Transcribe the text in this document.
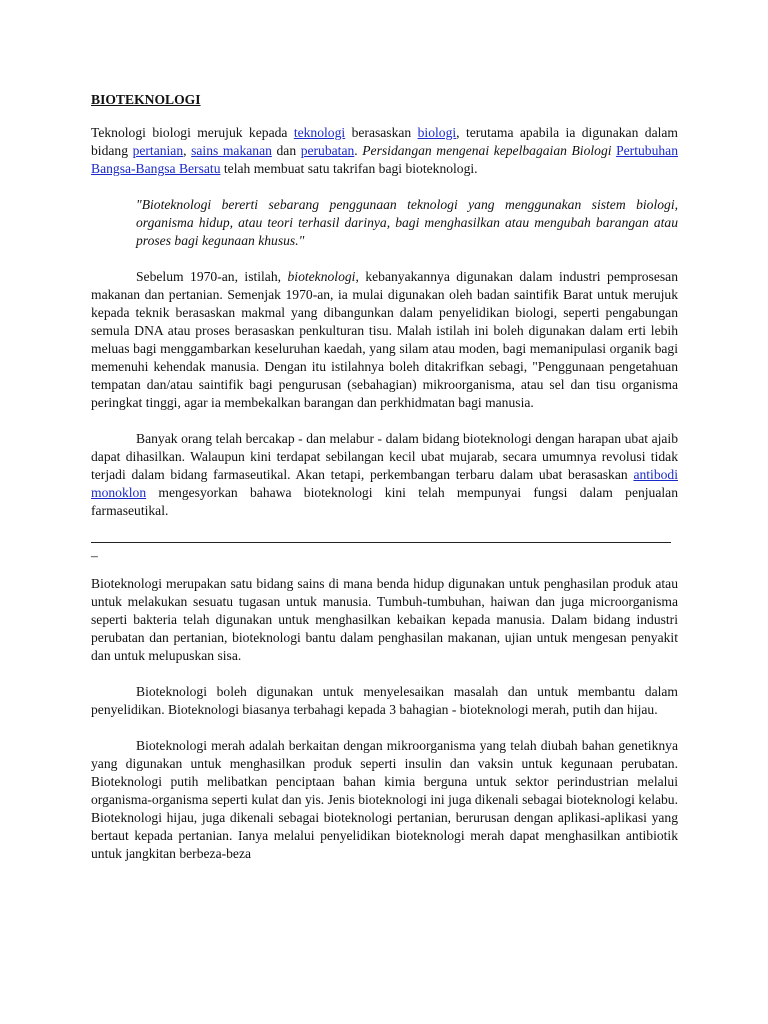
BIOTEKNOLOGI

Teknologi biologi merujuk kepada teknologi berasaskan biologi, terutama apabila ia digunakan dalam bidang pertanian, sains makanan dan perubatan. Persidangan mengenai kepelbagaian Biologi Pertubuhan Bangsa-Bangsa Bersatu telah membuat satu takrifan bagi bioteknologi.

"Bioteknologi bererti sebarang penggunaan teknologi yang menggunakan sistem biologi, organisma hidup, atau teori terhasil darinya, bagi menghasilkan atau mengubah barangan atau proses bagi kegunaan khusus."

Sebelum 1970-an, istilah, bioteknologi, kebanyakannya digunakan dalam industri pemprosesan makanan dan pertanian. Semenjak 1970-an, ia mulai digunakan oleh badan saintifik Barat untuk merujuk kepada teknik berasaskan makmal yang dibangunkan dalam penyelidikan biologi, seperti pengabungan semula DNA atau proses berasaskan penkulturan tisu. Malah istilah ini boleh digunakan dalam erti lebih meluas bagi menggambarkan keseluruhan kaedah, yang silam atau moden, bagi memanipulasi organik bagi memenuhi kehendak manusia. Dengan itu istilahnya boleh ditakrifkan sebagi, "Penggunaan pengetahuan tempatan dan/atau saintifik bagi pengurusan (sebahagian) mikroorganisma, atau sel dan tisu organisma peringkat tinggi, agar ia membekalkan barangan dan perkhidmatan bagi manusia.

Banyak orang telah bercakap - dan melabur - dalam bidang bioteknologi dengan harapan ubat ajaib dapat dihasilkan. Walaupun kini terdapat sebilangan kecil ubat mujarab, secara umumnya revolusi tidak terjadi dalam bidang farmaseutikal. Akan tetapi, perkembangan terbaru dalam ubat berasaskan antibodi monoklon mengesyorkan bahawa bioteknologi kini telah mempunyai fungsi dalam penjualan farmaseutikal.

–

Bioteknologi merupakan satu bidang sains di mana benda hidup digunakan untuk penghasilan produk atau untuk melakukan sesuatu tugasan untuk manusia. Tumbuh-tumbuhan, haiwan dan juga microorganisma seperti bakteria telah digunakan untuk menghasilkan kebaikan kepada manusia. Dalam bidang industri perubatan dan pertanian, bioteknologi bantu dalam penghasilan makanan, ujian untuk mengesan penyakit dan untuk melupuskan sisa.

Bioteknologi boleh digunakan untuk menyelesaikan masalah dan untuk membantu dalam penyelidikan. Bioteknologi biasanya terbahagi kepada 3 bahagian - bioteknologi merah, putih dan hijau.

Bioteknologi merah adalah berkaitan dengan mikroorganisma yang telah diubah bahan genetiknya yang digunakan untuk menghasilkan produk seperti insulin dan vaksin untuk kegunaan perubatan. Bioteknologi putih melibatkan penciptaan bahan kimia berguna untuk sektor perindustrian melalui organisma-organisma seperti kulat dan yis. Jenis bioteknologi ini juga dikenali sebagai bioteknologi kelabu. Bioteknologi hijau, juga dikenali sebagai bioteknologi pertanian, berurusan dengan aplikasi-aplikasi yang bertaut kepada pertanian. Ianya melalui penyelidikan bioteknologi merah dapat menghasilkan antibiotik untuk jangkitan berbeza-beza
